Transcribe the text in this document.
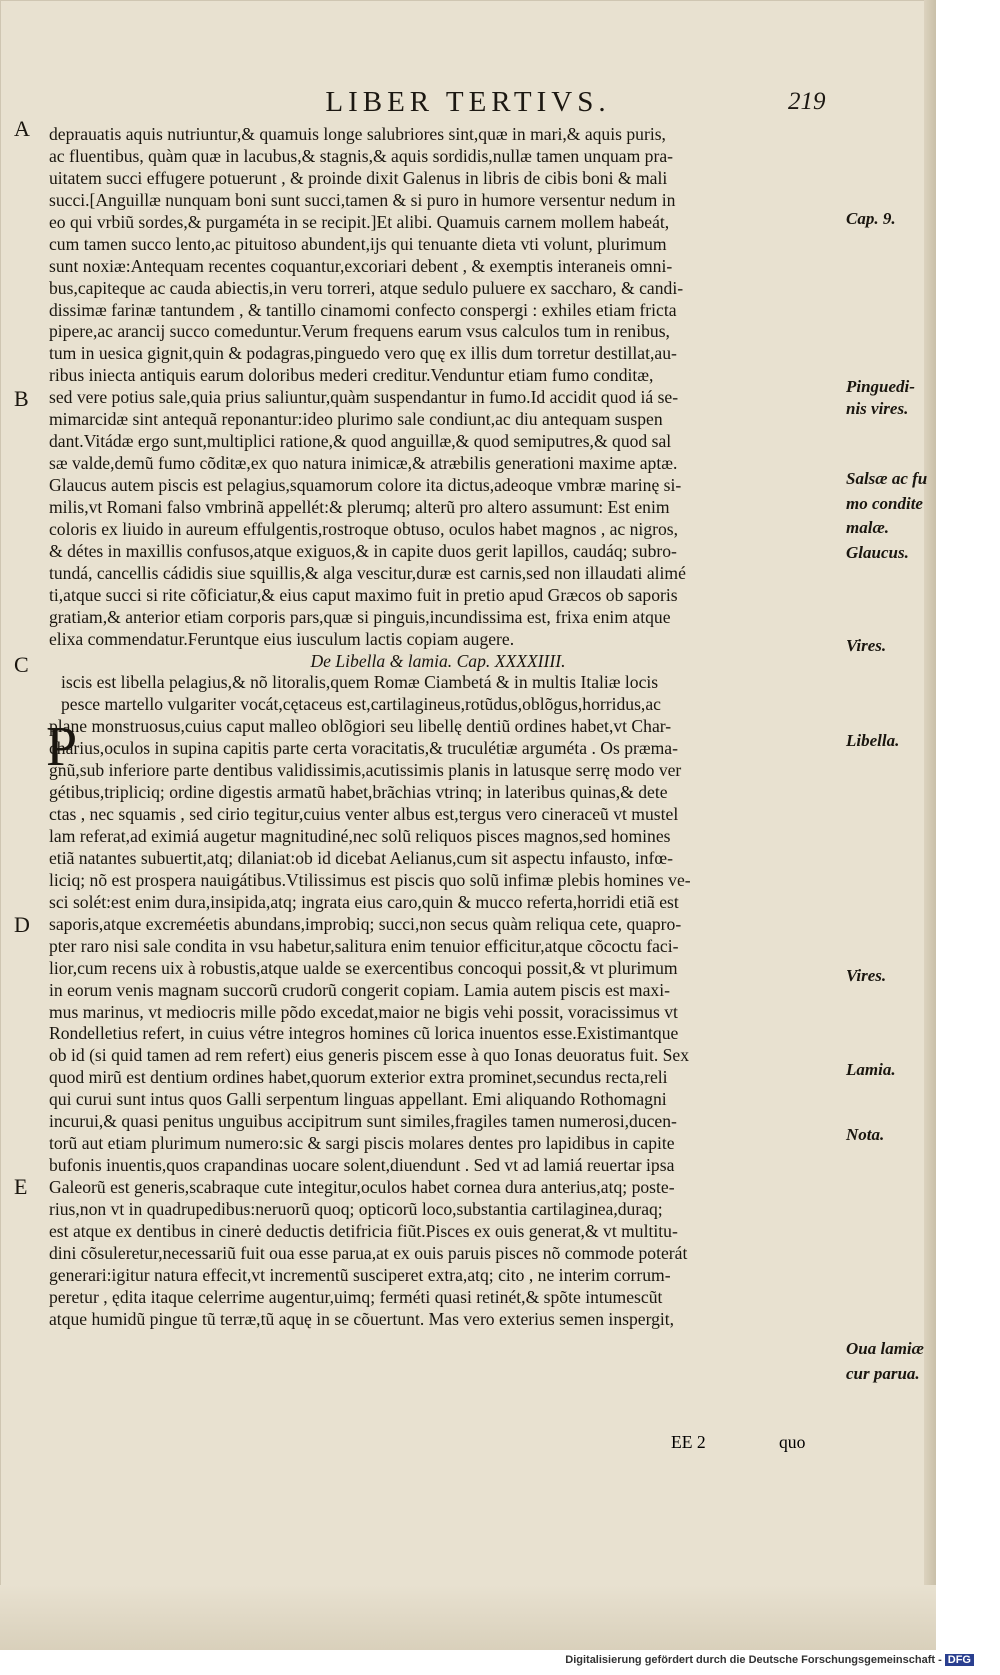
LIBER TERTIVS.	219
A
B
C
D
E
Cap. 9.
Pinguedi-
nis vires.
Salsæ ac fu
mo condite
malæ.
Glaucus.
Vires.
Libella.
Vires.
Lamia.
Nota.
Oua lamiæ
cur parua.
P
deprauatis aquis nutriuntur,& quamuis longe salubriores sint,quæ in mari,& aquis puris,
ac fluentibus, quàm quæ in lacubus,& stagnis,& aquis sordidis,nullæ tamen unquam pra-
uitatem succi effugere potuerunt , & proinde dixit Galenus in libris de cibis boni & mali
succi.[Anguillæ nunquam boni sunt succi,tamen & si puro in humore versentur nedum in
eo qui vrbiũ sordes,& purgaméta in se recipit.]Et alibi. Quamuis carnem mollem habeát,
cum tamen succo lento,ac pituitoso abundent,ijs qui tenuante dieta vti volunt, plurimum
sunt noxiæ:Antequam recentes coquantur,excoriari debent , & exemptis interaneis omni-
bus,capiteque ac cauda abiectis,in veru torreri, atque sedulo puluere ex saccharo, & candi-
dissimæ farinæ tantundem , & tantillo cinamomi confecto conspergi : exhiles etiam fricta
pipere,ac arancij succo comeduntur.Verum frequens earum vsus calculos tum in renibus,
tum in uesica gignit,quin & podagras,pinguedo vero quę ex illis dum torretur destillat,au-
ribus iniecta antiquis earum doloribus mederi creditur.Venduntur etiam fumo conditæ,
sed vere potius sale,quia prius saliuntur,quàm suspendantur in fumo.Id accidit quod iá se-
mimarcidæ sint antequã reponantur:ideo plurimo sale condiunt,ac diu antequam suspen
dant.Vitádæ ergo sunt,multiplici ratione,& quod anguillæ,& quod semiputres,& quod sal
sæ valde,demũ fumo cõditæ,ex quo natura inimicæ,& atræbilis generationi maxime aptæ.
Glaucus autem piscis est pelagius,squamorum colore ita dictus,adeoque vmbræ marinę si-
milis,vt Romani falso vmbrinã appellét:& plerumq; alterũ pro altero assumunt: Est enim
coloris ex liuido in aureum effulgentis,rostroque obtuso, oculos habet magnos , ac nigros,
& détes in maxillis confusos,atque exiguos,& in capite duos gerit lapillos, caudáq; subro-
tundá, cancellis cádidis siue squillis,& alga vescitur,duræ est carnis,sed non illaudati alimé
ti,atque succi si rite cõficiatur,& eius caput maximo fuit in pretio apud Græcos ob saporis
gratiam,& anterior etiam corporis pars,quæ si pinguis,incundissima est, frixa enim atque
elixa commendatur.Feruntque eius iusculum lactis copiam augere.
De Libella & lamia. Cap. XXXXIIII.
iscis est libella pelagius,& nõ litoralis,quem Romæ Ciambetá & in multis Italiæ locis
pesce martello vulgariter vocát,cętaceus est,cartilagineus,rotũdus,oblõgus,horridus,ac
plane monstruosus,cuius caput malleo oblõgiori seu libellę dentiũ ordines habet,vt Char-
charius,oculos in supina capitis parte certa voracitatis,& truculétiæ arguméta . Os præma-
gnũ,sub inferiore parte dentibus validissimis,acutissimis planis in latusque serrę modo ver
gétibus,tripliciq; ordine digestis armatũ habet,brãchias vtrinq; in lateribus quinas,& dete
ctas , nec squamis , sed cirio tegitur,cuius venter albus est,tergus vero cineraceũ vt mustel
lam referat,ad eximiá augetur magnitudiné,nec solũ reliquos pisces magnos,sed homines
etiã natantes subuertit,atq; dilaniat:ob id dicebat Aelianus,cum sit aspectu infausto, infœ-
liciq; nõ est prospera nauigátibus.Vtilissimus est piscis quo solũ infimæ plebis homines ve-
sci solét:est enim dura,insipida,atq; ingrata eius caro,quin & mucco referta,horridi etiã est
saporis,atque excreméetis abundans,improbiq; succi,non secus quàm reliqua cete, quapro-
pter raro nisi sale condita in vsu habetur,salitura enim tenuior efficitur,atque cõcoctu faci-
lior,cum recens uix à robustis,atque ualde se exercentibus concoqui possit,& vt plurimum
in eorum venis magnam succorũ crudorũ congerit copiam. Lamia autem piscis est maxi-
mus marinus, vt mediocris mille põdo excedat,maior ne bigis vehi possit, voracissimus vt
Rondelletius refert, in cuius vétre integros homines cũ lorica inuentos esse.Existimantque
ob id (si quid tamen ad rem refert) eius generis piscem esse à quo Ionas deuoratus fuit. Sex
quod mirũ est dentium ordines habet,quorum exterior extra prominet,secundus recta,reli
qui curui sunt intus quos Galli serpentum linguas appellant. Emi aliquando Rothomagni
incurui,& quasi penitus unguibus accipitrum sunt similes,fragiles tamen numerosi,ducen-
torũ aut etiam plurimum numero:sic & sargi piscis molares dentes pro lapidibus in capite
bufonis inuentis,quos crapandinas uocare solent,diuendunt . Sed vt ad lamiá reuertar ipsa
Galeorũ est generis,scabraque cute integitur,oculos habet cornea dura anterius,atq; poste-
rius,non vt in quadrupedibus:neruorũ quoq; opticorũ loco,substantia cartilaginea,duraq;
est atque ex dentibus in cinerė deductis detifricia fiũt.Pisces ex ouis generat,& vt multitu-
dini cõsuleretur,necessariũ fuit oua esse parua,at ex ouis paruis pisces nõ commode poterát
generari:igitur natura effecit,vt incrementũ susciperet extra,atq; cito , ne interim corrum-
peretur , ędita itaque celerrime augentur,uimq; ferméti quasi retinét,& spõte intumescũt
atque humidũ pingue tũ terræ,tũ aquę in se cõuertunt. Mas vero exterius semen inspergit,
EE 2	quo
Digitalisierung gefördert durch die Deutsche Forschungsgemeinschaft - DFG
